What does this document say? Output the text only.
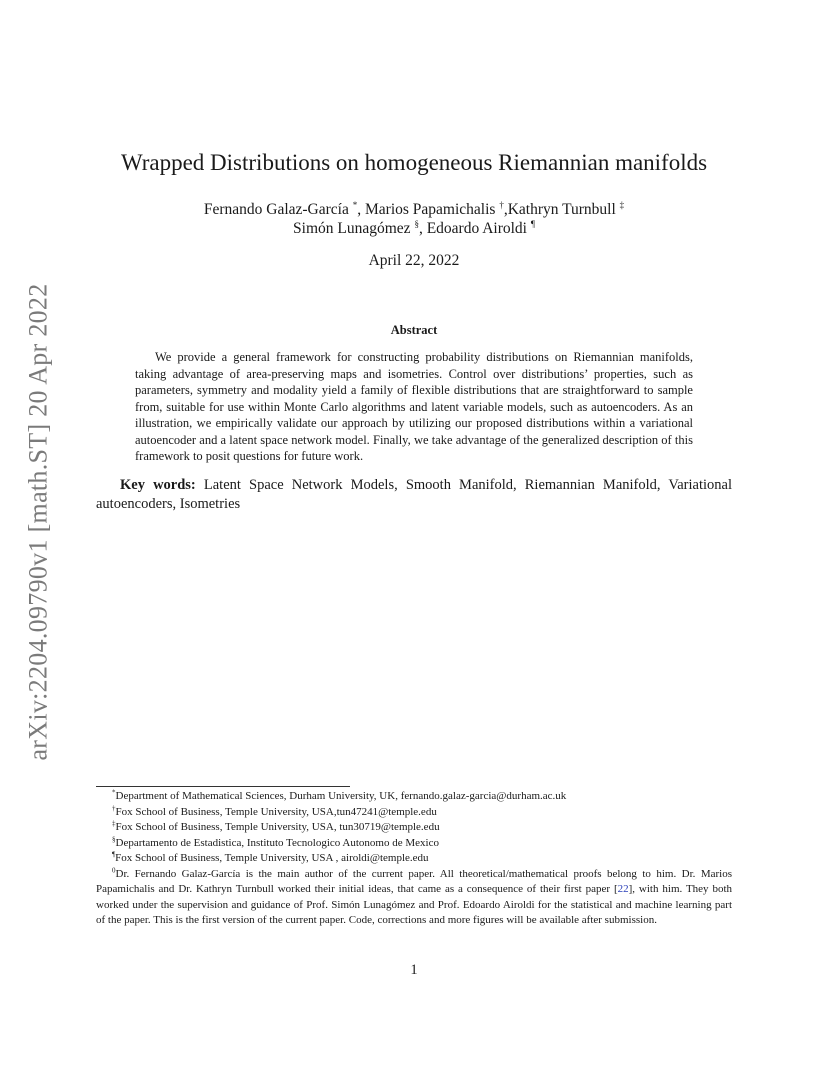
arXiv:2204.09790v1 [math.ST] 20 Apr 2022
Wrapped Distributions on homogeneous Riemannian manifolds
Fernando Galaz-García *, Marios Papamichalis †,Kathryn Turnbull ‡
Simón Lunagómez §, Edoardo Airoldi ¶
April 22, 2022
Abstract

We provide a general framework for constructing probability distributions on Riemannian manifolds, taking advantage of area-preserving maps and isometries. Control over distributions’ properties, such as parameters, symmetry and modality yield a family of flexible distributions that are straightforward to sample from, suitable for use within Monte Carlo algorithms and latent variable models, such as autoencoders. As an illustration, we empirically validate our approach by utilizing our proposed distributions within a variational autoencoder and a latent space network model. Finally, we take advantage of the generalized description of this framework to posit questions for future work.

Key words: Latent Space Network Models, Smooth Manifold, Riemannian Manifold, Variational autoencoders, Isometries

*Department of Mathematical Sciences, Durham University, UK, fernando.galaz-garcia@durham.ac.uk

†Fox School of Business, Temple University, USA,tun47241@temple.edu

‡Fox School of Business, Temple University, USA, tun30719@temple.edu

§Departamento de Estadistica, Instituto Tecnologico Autonomo de Mexico

¶Fox School of Business, Temple University, USA , airoldi@temple.edu

$^0$Dr. Fernando Galaz-García is the main author of the current paper. All theoretical/mathematical proofs belong to him. Dr. Marios Papamichalis and Dr. Kathryn Turnbull worked their initial ideas, that came as a consequence of their first paper [22], with him. They both worked under the supervision and guidance of Prof. Simón Lunagómez and Prof. Edoardo Airoldi for the statistical and machine learning part of the paper. This is the first version of the current paper. Code, corrections and more figures will be available after submission.

1
